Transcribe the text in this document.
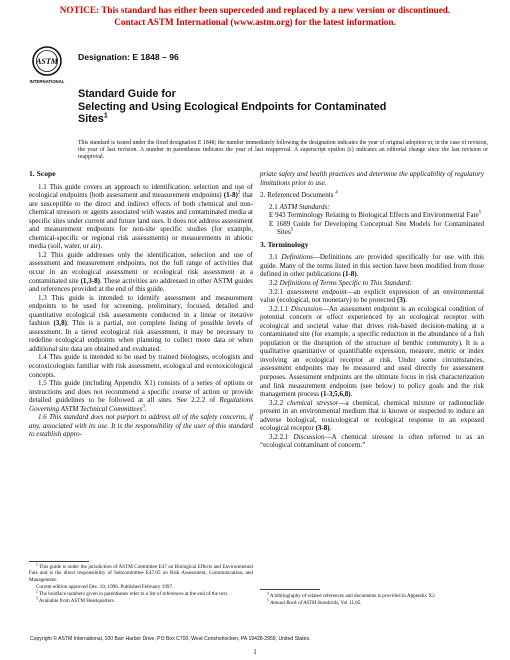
NOTICE: This standard has either been superceded and replaced by a new version or discontinued.
Contact ASTM International (www.astm.org) for the latest information.
ASTM
INTERNATIONAL
Designation: E 1848 – 96
Standard Guide for
Selecting and Using Ecological Endpoints for Contaminated
Sites$^1$
This standard is issued under the fixed designation E 1848; the number immediately following the designation indicates the year of original adoption or, in the case of revision, the year of last revision. A number in parentheses indicates the year of last reapproval. A superscript epsilon (ε) indicates an editorial change since the last revision or reapproval.
1. Scope

1.1 This guide covers an approach to identification, selection and use of ecological endpoints (both assessment and measurement endpoints) $(1-8)^2$ that are susceptible to the direct and indirect effects of both chemical and non-chemical stressors or agents associated with wastes and contaminated media at specific sites under current and future land uses. It does not address assessment and measurement endpoints for non-site specific studies (for example, chemical-specific or regional risk assessments) or measurements in abiotic media (soil, water, or air).

1.2 This guide addresses only the identification, selection and use of assessment and measurement endpoints, not the full range of activities that occur in an ecological assessment or ecological risk assessment at a contaminated site (1,3-8). These activities are addressed in other ASTM guides and references provided at the end of this guide.

1.3 This guide is intended to identify assessment and measurement endpoints to be used for screening, preliminary, focused, detailed and quantitative ecological risk assessments conducted in a linear or iterative fashion (3,8). This is a partial, not complete listing of possible levels of assessment. In a tiered ecological risk assessment, it may be necessary to redefine ecological endpoints when planning to collect more data or when additional site data are obtained and evaluated.

1.4 This guide is intended to be used by trained biologists, ecologists and ecotoxicologists familiar with risk assessment, ecological and ecotoxicological concepts.

1.5 This guide (including Appendix X1) consists of a series of options or instructions and does not recommend a specific course of action or provide detailed guidelines to be followed at all sites. See 2.2.2 of Regulations Governing ASTM Technical Committees$^3$.

1.6 This standard does not purport to address all of the safety concerns, if any, associated with its use. It is the responsibility of the user of this standard to establish appro-

$^1$ This guide is under the jurisdiction of ASTM Committee E47 on Biological Effects and Environmental Fate and is the direct responsibility of Subcommittee E47.05 on Risk Assessment, Communication, and Management.

Current edition approved Dec. 10, 1996. Published February 1997.

$^2$ The boldface numbers given in parentheses refer to a list of references at the end of the text.

$^3$ Available from ASTM Headquarters.

priate safety and health practices and determine the applicability of regulatory limitations prior to use.

2. Referenced Documents $^4$

2.1 ASTM Standards:

E 943 Terminology Relating to Biological Effects and Environmental Fate$^5$

E 1689 Guide for Developing Conceptual Site Models for Contaminated Sites$^5$

3. Terminology

3.1 Definitions—Definitions are provided specifically for use with this guide. Many of the terms listed in this section have been modified from those defined in other publications (1-8).

3.2 Definitions of Terms Specific to This Standard:

3.2.1 assessment endpoint—an explicit expression of an environmental value (ecological, not monetary) to be protected (3).

3.2.1.1 Discussion—An assessment endpoint is an ecological condition of potential concern or effect experienced by an ecological receptor with ecological and societal value that drives risk-based decision-making at a contaminated site (for example, a specific reduction in the abundance of a fish population or the disruption of the structure of benthic community). It is a qualitative quantitative or quantifiable expression, measure, metric or index involving an ecological receptor at risk. Under some circumstances, assessment endpoints may be measured and used directly for assessment purposes. Assessment endpoints are the ultimate focus in risk characterization and link measurement endpoints (see below) to policy goals and the risk management process (1-3,5,6,8).

3.2.2 chemical stressor—a chemical, chemical mixture or radionuclide present in an environmental medium that is known or suspected to induce an adverse biological, toxicological or ecological response in an exposed ecological receptor (3-8).

3.2.2.1 Discussion—A chemical stressor is often referred to as an “ecological contaminant of concern.”

$^4$ A bibliography of related references and documents is provided in Appendix X2.

$^5$ Annual Book of ASTM Standards, Vol 11.05.

Copyright © ASTM International, 100 Barr Harbor Drive, PO Box C700, West Conshohocken, PA 19428-2959, United States.
1
